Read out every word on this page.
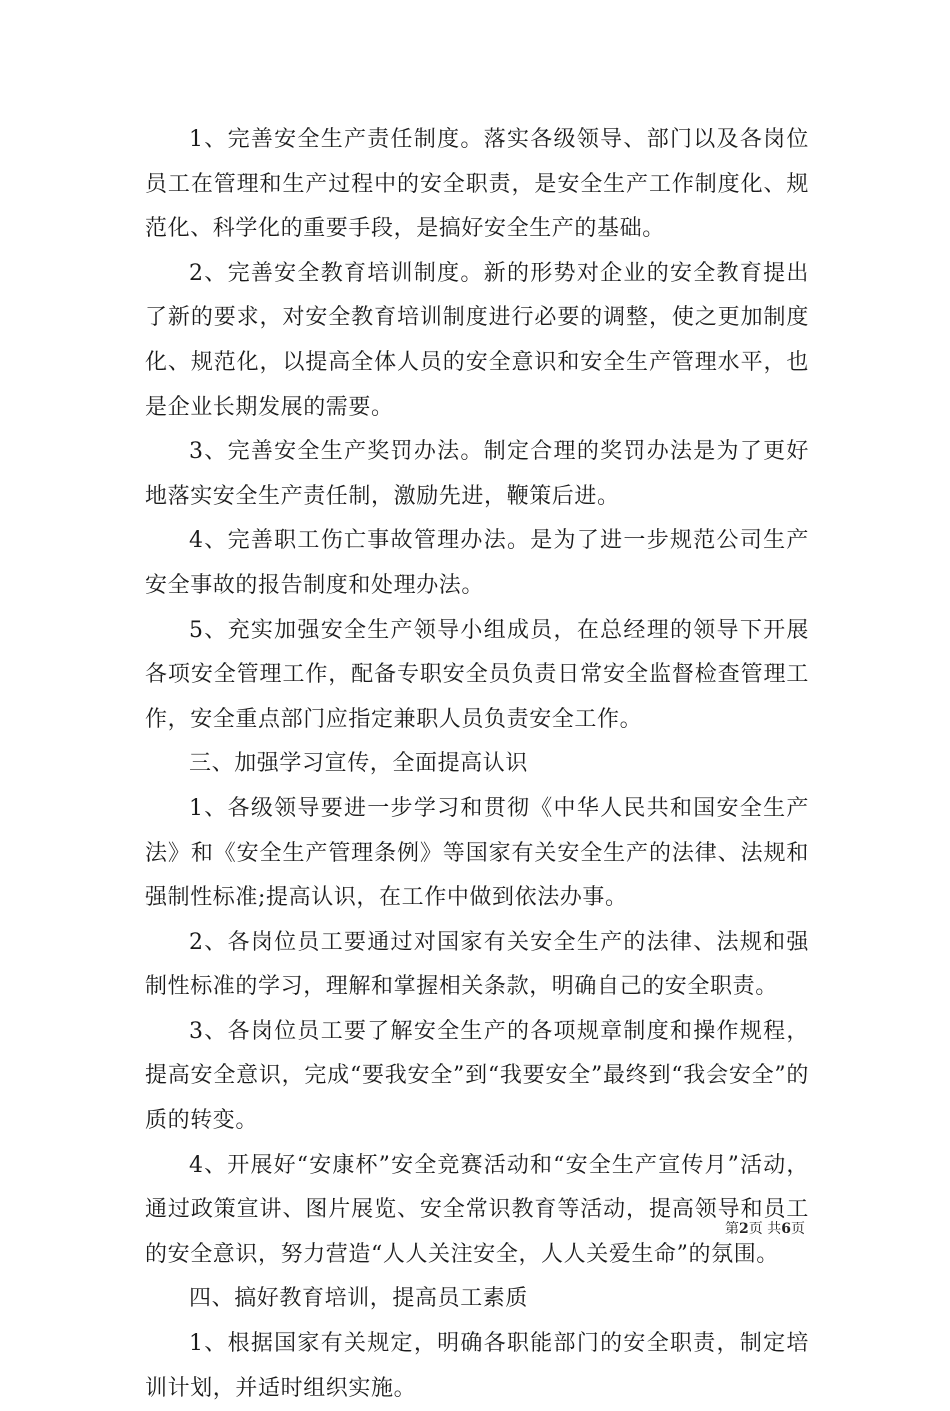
1、完善安全生产责任制度。落实各级领导、部门以及各岗位员工在管理和生产过程中的安全职责，是安全生产工作制度化、规范化、科学化的重要手段，是搞好安全生产的基础。

2、完善安全教育培训制度。新的形势对企业的安全教育提出了新的要求，对安全教育培训制度进行必要的调整，使之更加制度化、规范化，以提高全体人员的安全意识和安全生产管理水平，也是企业长期发展的需要。

3、完善安全生产奖罚办法。制定合理的奖罚办法是为了更好地落实安全生产责任制，激励先进，鞭策后进。

4、完善职工伤亡事故管理办法。是为了进一步规范公司生产安全事故的报告制度和处理办法。

5、充实加强安全生产领导小组成员，在总经理的领导下开展各项安全管理工作，配备专职安全员负责日常安全监督检查管理工作，安全重点部门应指定兼职人员负责安全工作。

三、加强学习宣传，全面提高认识

1、各级领导要进一步学习和贯彻《中华人民共和国安全生产法》和《安全生产管理条例》等国家有关安全生产的法律、法规和强制性标准;提高认识，在工作中做到依法办事。

2、各岗位员工要通过对国家有关安全生产的法律、法规和强制性标准的学习，理解和掌握相关条款，明确自己的安全职责。

3、各岗位员工要了解安全生产的各项规章制度和操作规程，提高安全意识，完成“要我安全”到“我要安全”最终到“我会安全”的质的转变。

4、开展好“安康杯”安全竞赛活动和“安全生产宣传月”活动，通过政策宣讲、图片展览、安全常识教育等活动，提高领导和员工的安全意识，努力营造“人人关注安全，人人关爱生命”的氛围。

四、搞好教育培训，提高员工素质

1、根据国家有关规定，明确各职能部门的安全职责，制定培训计划，并适时组织实施。

第2页 共6页
